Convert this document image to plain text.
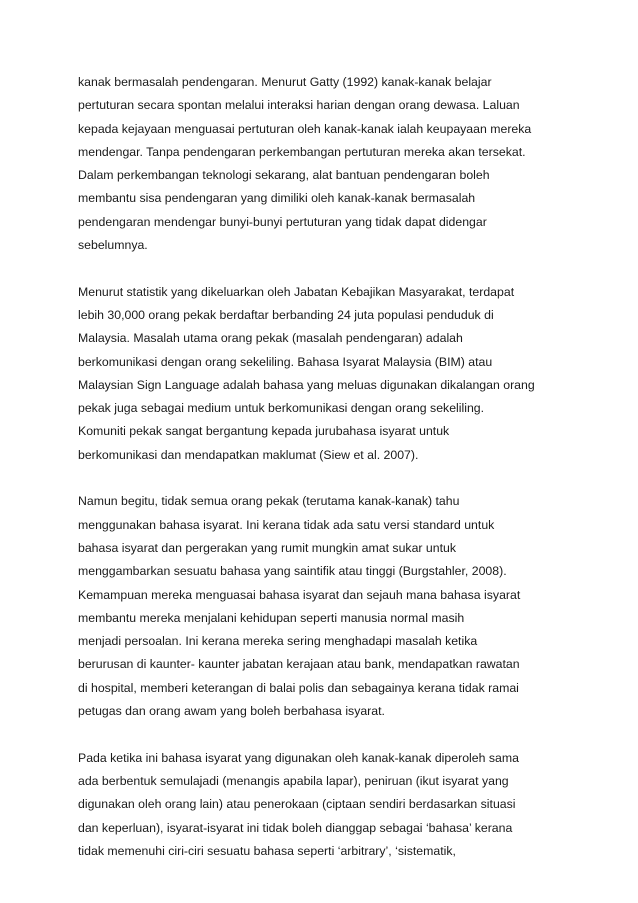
kanak bermasalah pendengaran. Menurut Gatty (1992) kanak-kanak belajar
pertuturan secara spontan melalui interaksi harian dengan orang dewasa. Laluan
kepada kejayaan menguasai pertuturan oleh kanak-kanak ialah keupayaan mereka
mendengar. Tanpa pendengaran perkembangan pertuturan mereka akan tersekat.
Dalam perkembangan teknologi sekarang, alat bantuan pendengaran boleh
membantu sisa pendengaran yang dimiliki oleh kanak-kanak bermasalah
pendengaran mendengar bunyi-bunyi pertuturan yang tidak dapat didengar
sebelumnya.
Menurut statistik yang dikeluarkan oleh Jabatan Kebajikan Masyarakat, terdapat
lebih 30,000 orang pekak berdaftar berbanding 24 juta populasi penduduk di
Malaysia. Masalah utama orang pekak (masalah pendengaran) adalah
berkomunikasi dengan orang sekeliling. Bahasa Isyarat Malaysia (BIM) atau
Malaysian Sign Language adalah bahasa yang meluas digunakan dikalangan orang
pekak juga sebagai medium untuk berkomunikasi dengan orang sekeliling.
Komuniti pekak sangat bergantung kepada jurubahasa isyarat untuk
berkomunikasi dan mendapatkan maklumat (Siew et al. 2007).
Namun begitu, tidak semua orang pekak (terutama kanak-kanak) tahu
menggunakan bahasa isyarat. Ini kerana tidak ada satu versi standard untuk
bahasa isyarat dan pergerakan yang rumit mungkin amat sukar untuk
menggambarkan sesuatu bahasa yang saintifik atau tinggi (Burgstahler, 2008).
Kemampuan mereka menguasai bahasa isyarat dan sejauh mana bahasa isyarat
membantu mereka menjalani kehidupan seperti manusia normal masih
menjadi persoalan. Ini kerana mereka sering menghadapi masalah ketika
berurusan di kaunter- kaunter jabatan kerajaan atau bank, mendapatkan rawatan
di hospital, memberi keterangan di balai polis dan sebagainya kerana tidak ramai
petugas dan orang awam yang boleh berbahasa isyarat.
Pada ketika ini bahasa isyarat yang digunakan oleh kanak-kanak diperoleh sama
ada berbentuk semulajadi (menangis apabila lapar), peniruan (ikut isyarat yang
digunakan oleh orang lain) atau penerokaan (ciptaan sendiri berdasarkan situasi
dan keperluan), isyarat-isyarat ini tidak boleh dianggap sebagai ‘bahasa’ kerana
tidak memenuhi ciri-ciri sesuatu bahasa seperti ‘arbitrary’, ‘sistematik,
